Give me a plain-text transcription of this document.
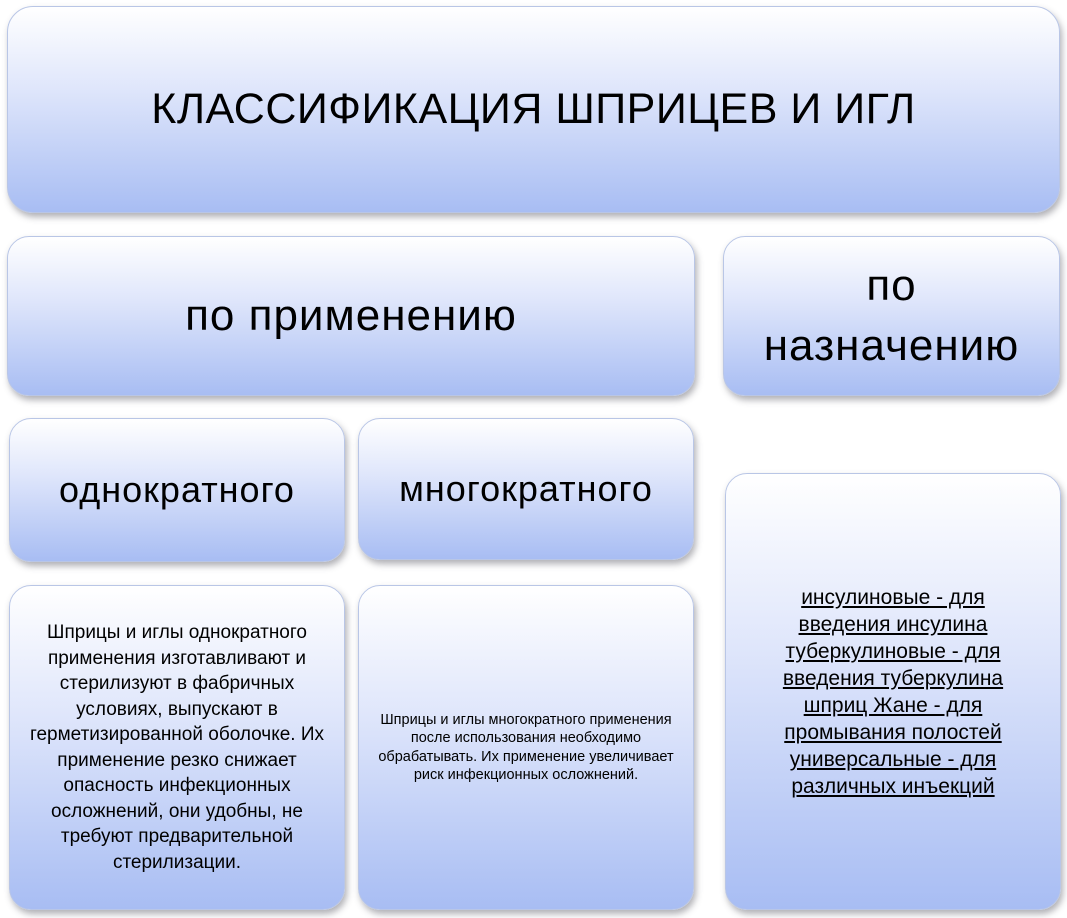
КЛАССИФИКАЦИЯ ШПРИЦЕВ И ИГЛ
по применению
по
назначению
однократного	многократного
Шприцы и иглы однократного применения изготавливают и стерилизуют в фабричных условиях, выпускают в герметизированной оболочке. Их применение резко снижает опасность инфекционных осложнений, они удобны, не требуют предварительной стерилизации.
Шприцы и иглы многократного применения после использования необходимо обрабатывать. Их применение увеличивает риск инфекционных осложнений.
инсулиновые - для
введения инсулина
туберкулиновые - для
введения туберкулина
шприц Жане - для
промывания полостей
универсальные - для
различных инъекций
